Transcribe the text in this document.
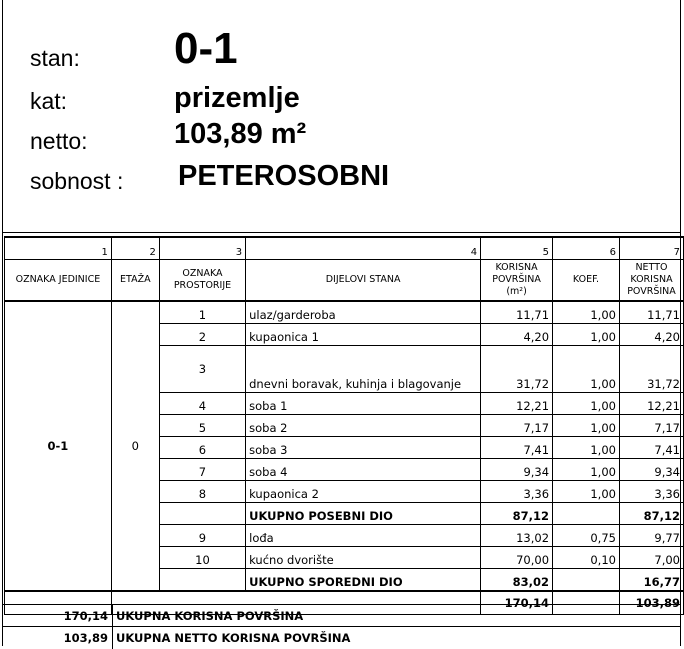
stan: 0-1
kat:	prizemlje
netto:	103,89 m²
sobnost : PETEROSOBNI
1	2	3	4	5	6	7
OZNAKA JEDINICE	ETAŽA	OZNAKA PROSTORIJE	DIJELOVI STANA	KORISNA POVRŠINA (m²)	KOEF.	NETTO KORISNA POVRŠINA
0-1	0	1	ulaz/garderoba	11,71	1,00	11,71
		2	kupaonica 1	4,20	1,00	4,20
		3	dnevni boravak, kuhinja i blagovanje	31,72	1,00	31,72
		4	soba 1	12,21	1,00	12,21
		5	soba 2	7,17	1,00	7,17
		6	soba 3	7,41	1,00	7,41
		7	soba 4	9,34	1,00	9,34
		8	kupaonica 2	3,36	1,00	3,36
			UKUPNO POSEBNI DIO	87,12		87,12
		9	lođa	13,02	0,75	9,77
		10	kućno dvorište	70,00	0,10	7,00
			UKUPNO SPOREDNI DIO	83,02		16,77
				170,14		103,89
170,14 UKUPNA KORISNA POVRŠINA
103,89 UKUPNA NETTO KORISNA POVRŠINA
